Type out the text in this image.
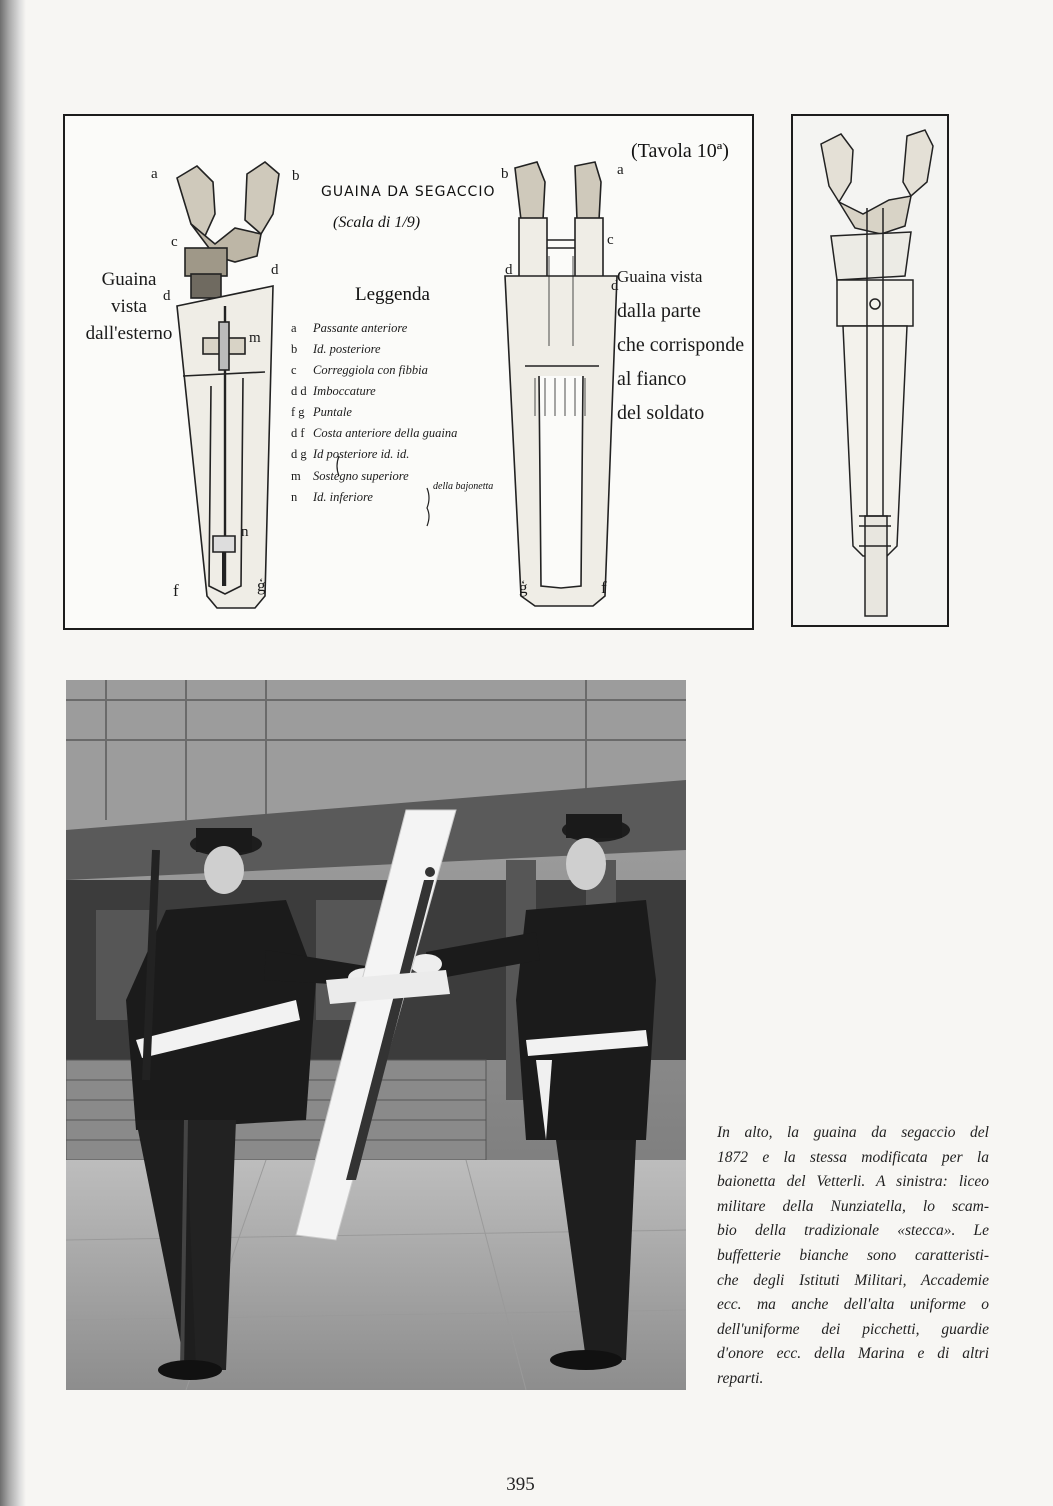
a	b
c
d
d
m
n
f	ģ
b	a
c
d
d
ģ	f
(Tavola 10ª)
GUAINA DA SEGACCIO
(Scala di 1/9)
Guaina
vista
dall'esterno
Guaina vista
dalla parte
che corrisponde
al fianco
del soldato
Leggenda
a Passante anteriore
b Id. posteriore
c Correggiola con fibbia
d d Imboccature
f g Puntale
d f Costa anteriore della guaina
d g Id posteriore id. id.
m Sostegno superiore
n Id. inferiore
della bajonetta
In alto, la guaina da segaccio del
1872 e la stessa modificata per la
baionetta del Vetterli. A sinistra: liceo
militare della Nunziatella, lo scam-
bio della tradizionale «stecca». Le
buffetterie bianche sono caratteristi-
che degli Istituti Militari, Accademie
ecc. ma anche dell'alta uniforme o
dell'uniforme dei picchetti, guardie
d'onore ecc. della Marina e di altri
reparti.
395
